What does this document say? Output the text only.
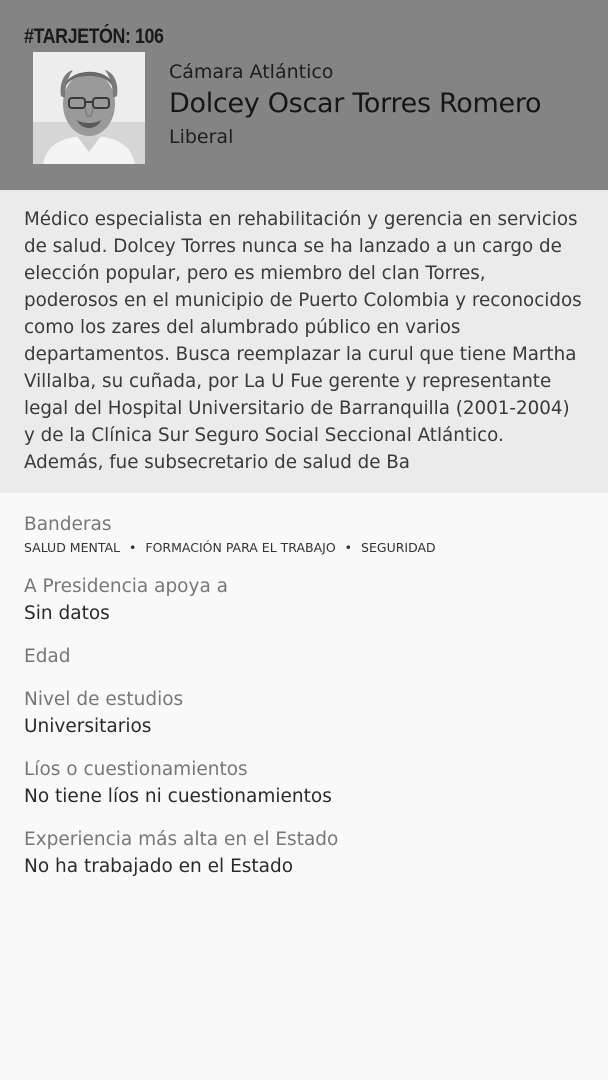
#TARJETÓN: 106
Cámara Atlántico
Dolcey Oscar Torres Romero
Liberal

Médico especialista en rehabilitación y gerencia en servicios de salud. Dolcey Torres nunca se ha lanzado a un cargo de elección popular, pero es miembro del clan Torres, poderosos en el municipio de Puerto Colombia y reconocidos como los zares del alumbrado público en varios departamentos. Busca reemplazar la curul que tiene Martha Villalba, su cuñada, por La U Fue gerente y representante legal del Hospital Universitario de Barranquilla (2001-2004) y de la Clínica Sur Seguro Social Seccional Atlántico. Además, fue subsecretario de salud de Ba

Banderas
SALUD MENTAL • FORMACIÓN PARA EL TRABAJO • SEGURIDAD
A Presidencia apoya a
Sin datos
Edad
Nivel de estudios
Universitarios
Líos o cuestionamientos
No tiene líos ni cuestionamientos
Experiencia más alta en el Estado
No ha trabajado en el Estado
